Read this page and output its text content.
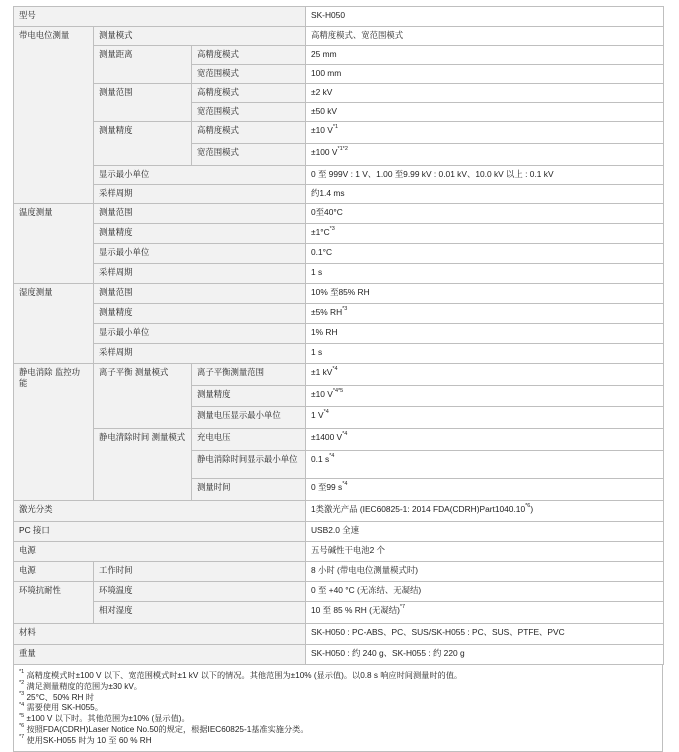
型号			SK-H050
带电电位测量	测量模式		高精度模式、宽范围模式
	测量距离	高精度模式	25 mm
		宽范围模式	100 mm
	测量范围	高精度模式	±2 kV
		宽范围模式	±50 kV
	测量精度	高精度模式	±10 $V^{*1}$
		宽范围模式	±100 $V^{*1*2}$
	显示最小单位		0 至 999V : 1 V、1.00 至9.99 kV : 0.01 kV、10.0 kV 以上 : 0.1 kV
	采样周期		约1.4 ms
温度测量	测量范围		0至40°C
	测量精度		$\pm 1^\circ C^{*3}$
	显示最小单位		0.1°C
	采样周期		1 s
湿度测量	测量范围		10% 至85% RH
	测量精度		±5% RH$^{*3}$
	显示最小单位		1% RH
	采样周期		1 s
静电消除 监控功能	离子平衡 测量模式	离子平衡测量范围	±1 $kV^{*4}$
		测量精度	±10 $V^{*4*5}$
		测量电压显示最小单位	1 $V^{*4}$
	静电清除时间 测量模式	充电电压	±1400 $V^{*4}$
		静电消除时间显示最小单位	0.1 $s^{*4}$
		测量时间	0 至99 $s^{*4}$
激光分类			1类激光产品 (IEC60825-1: 2014 FDA(CDRH)Part1040.10$^{*6}$)
PC 接口			USB2.0 全速
电源			五号碱性干电池2 个
电源	工作时间		8 小时 (带电电位测量模式时)
环境抗耐性	环境温度		0 至 +40 °C (无冻结、无凝结)
	相对湿度		10 至 85 % RH (无凝结)$^{*7}$
材料			SK-H050 : PC-ABS、PC、SUS/SK-H055 : PC、SUS、PTFE、PVC
重量			SK-H050 : 约 240 g、SK-H055 : 约 220 g
$^{*1}$ 高精度模式时±100 V 以下、宽范围模式时±1 kV 以下的情况。其他范围为±10% (显示值)。以0.8 s 响应时间测量时的值。
$^{*2}$ 满足测量精度的范围为±30 kV。
$^{*3}$ 25°C、50% RH 时
$^{*4}$ 需要使用 SK-H055。
$^{*5}$ ±100 V 以下时。其他范围为±10% (显示值)。
$^{*6}$ 按照FDA(CDRH)Laser Notice No.50的规定，根据IEC60825-1基准实施分类。
$^{*7}$ 使用SK-H055 时为 10 至 60 % RH
